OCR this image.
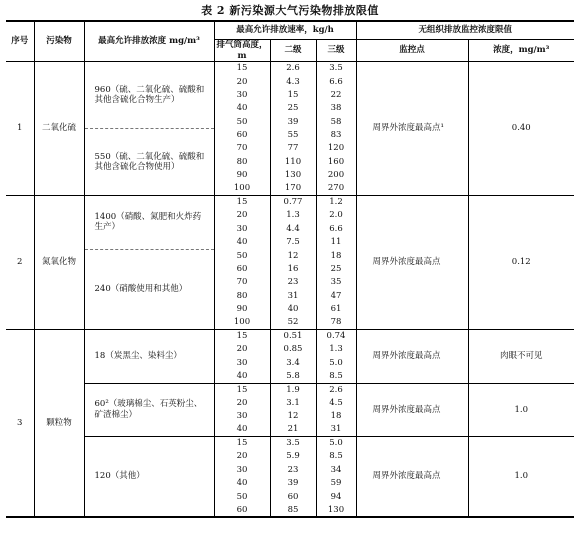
表 2 新污染源大气污染物排放限值
序号	污染物	最高允许排放浓度 mg/m³	最高允许排放速率，kg/h			无组织排放监控浓度限值	
			排气筒高度，m	二级	三级	监控点	浓度，mg/m³
1	二氧化硫	960（硫、二氧化硫、硫酸和其他含硫化合物生产）	15	2.6	3.5	周界外浓度最高点¹	0.40
			20	4.3	6.6		
			30	15	22		
			40	25	38		
			50	39	58		
		550（硫、二氧化硫、硫酸和其他含硫化合物使用）	60	55	83		
			70	77	120		
			80	110	160		
			90	130	200		
			100	170	270		
2	氮氧化物	1400（硝酸、氮肥和火炸药生产）	15	0.77	1.2	周界外浓度最高点	0.12
			20	1.3	2.0		
			30	4.4	6.6		
			40	7.5	11		
		240（硝酸使用和其他）	50	12	18		
			60	16	25		
			70	23	35		
			80	31	47		
			90	40	61		
			100	52	78		
3	颗粒物	18（炭黑尘、染料尘）	15	0.51	0.74	周界外浓度最高点	肉眼不可见
			20	0.85	1.3		
			30	3.4	5.0		
			40	5.8	8.5		
		60²（玻璃棉尘、石英粉尘、矿渣棉尘）	15	1.9	2.6	周界外浓度最高点	1.0
			20	3.1	4.5		
			30	12	18		
			40	21	31		
		120（其他）	15	3.5	5.0	周界外浓度最高点	1.0
			20	5.9	8.5		
			30	23	34		
			40	39	59		
			50	60	94		
			60	85	130		
